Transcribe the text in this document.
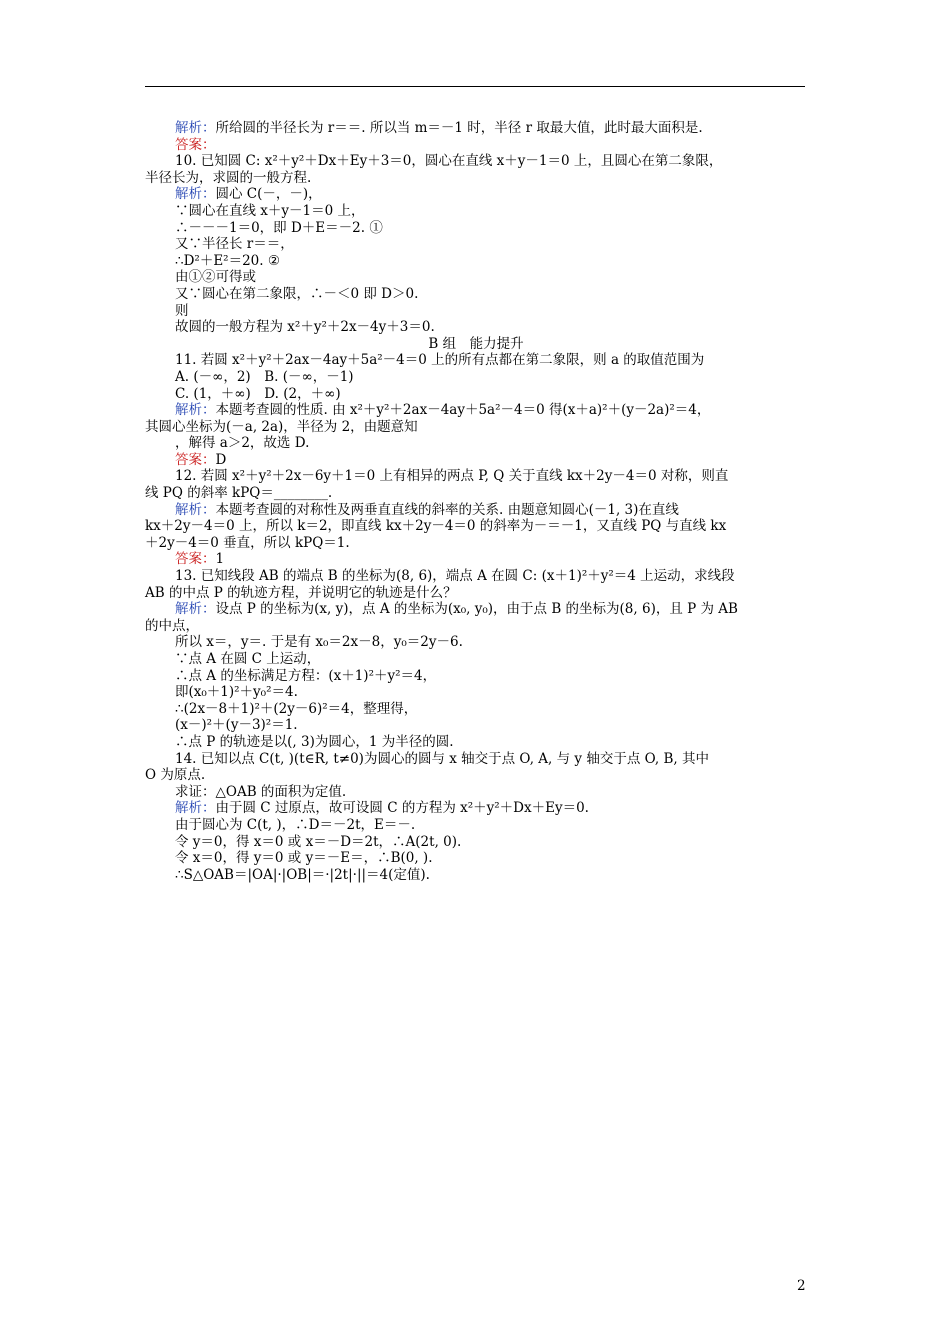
解析：所给圆的半径长为 r＝＝. 所以当 m＝－1 时，半径 r 取最大值，此时最大面积是.
答案：
10. 已知圆 C: x²＋y²＋Dx＋Ey＋3＝0，圆心在直线 x＋y－1＝0 上，且圆心在第二象限，
半径长为，求圆的一般方程.
解析：圆心 C(－，－)，
∵圆心在直线 x＋y－1＝0 上，
∴－－－1＝0，即 D＋E＝－2. ①
又∵半径长 r＝＝，
∴D²＋E²＝20. ②
由①②可得或
又∵圆心在第二象限，∴－＜0 即 D＞0.
则
故圆的一般方程为 x²＋y²＋2x－4y＋3＝0.
B 组　能力提升
11. 若圆 x²＋y²＋2ax－4ay＋5a²－4＝0 上的所有点都在第二象限，则 a 的取值范围为
A. (－∞，2)　B. (－∞，－1)
C. (1，＋∞)　D. (2，＋∞)
解析：本题考查圆的性质. 由 x²＋y²＋2ax－4ay＋5a²－4＝0 得(x＋a)²＋(y－2a)²＝4，
其圆心坐标为(－a, 2a)，半径为 2，由题意知
，解得 a＞2，故选 D.
答案：D
12. 若圆 x²＋y²＋2x－6y＋1＝0 上有相异的两点 P, Q 关于直线 kx＋2y－4＝0 对称，则直
线 PQ 的斜率 kPQ＝________.
解析：本题考查圆的对称性及两垂直直线的斜率的关系. 由题意知圆心(－1, 3)在直线
kx＋2y－4＝0 上，所以 k＝2，即直线 kx＋2y－4＝0 的斜率为－＝－1，又直线 PQ 与直线 kx
＋2y－4＝0 垂直，所以 kPQ＝1.
答案：1
13. 已知线段 AB 的端点 B 的坐标为(8, 6)，端点 A 在圆 C: (x＋1)²＋y²＝4 上运动，求线段
AB 的中点 P 的轨迹方程，并说明它的轨迹是什么？
解析：设点 P 的坐标为(x, y)，点 A 的坐标为(x₀, y₀)，由于点 B 的坐标为(8, 6)，且 P 为 AB
的中点，
所以 x＝，y＝. 于是有 x₀＝2x－8，y₀＝2y－6.
∵点 A 在圆 C 上运动，
∴点 A 的坐标满足方程：(x＋1)²＋y²＝4，
即(x₀＋1)²＋y₀²＝4.
∴(2x－8＋1)²＋(2y－6)²＝4，整理得，
(x－)²＋(y－3)²＝1.
∴点 P 的轨迹是以(, 3)为圆心，1 为半径的圆.
14. 已知以点 C(t, )(t∈R, t≠0)为圆心的圆与 x 轴交于点 O, A, 与 y 轴交于点 O, B, 其中
O 为原点.
求证：△OAB 的面积为定值.
解析：由于圆 C 过原点，故可设圆 C 的方程为 x²＋y²＋Dx＋Ey＝0.
由于圆心为 C(t, )，∴D＝－2t，E＝－.
令 y＝0，得 x＝0 或 x＝－D＝2t，∴A(2t, 0).
令 x＝0，得 y＝0 或 y＝－E＝，∴B(0, ).
∴S△OAB＝|OA|·|OB|＝·|2t|·||＝4(定值).
2
